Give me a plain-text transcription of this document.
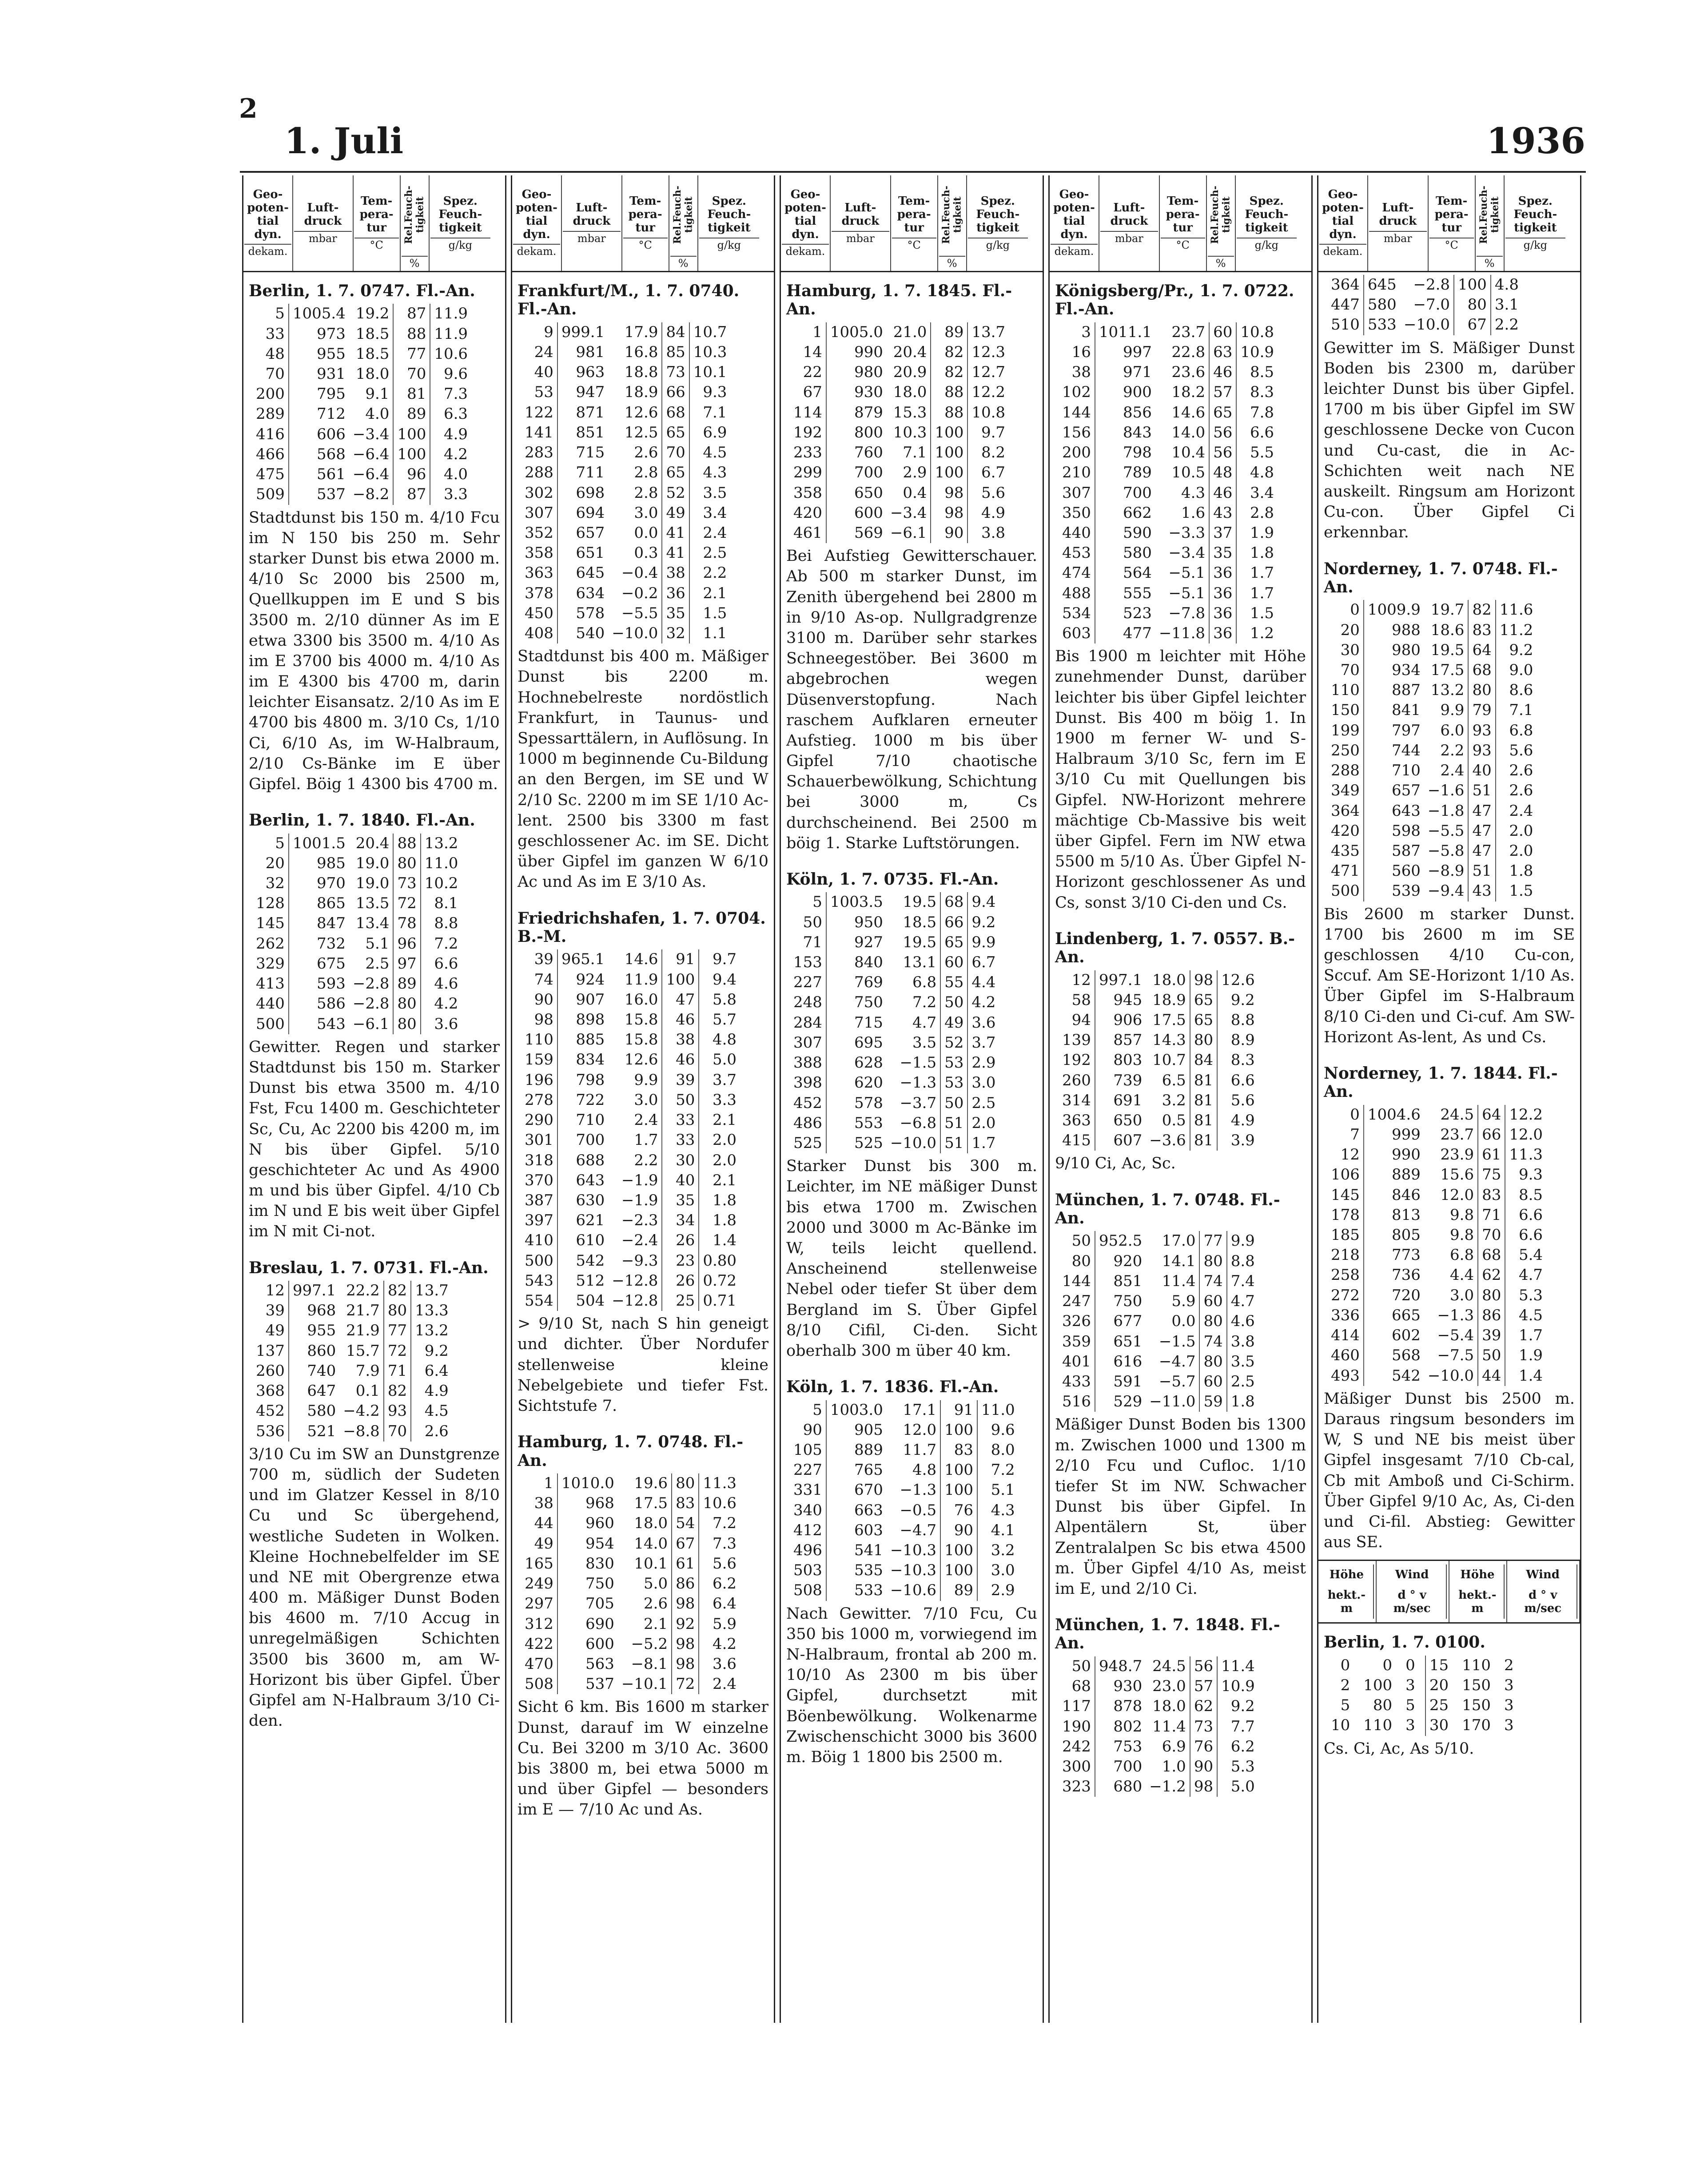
2
1. Juli	1936
Geo-poten-tial dyn.
dekam.
Luft-druck
mbar
Tem-pera-tur
°C
Rel.Feuch-tigkeit
%
Spez. Feuch-tigkeit
g/kg
Berlin, 1. 7. 0747. Fl.-An.
5	1005.4	19.2	87	11.9
33	973	18.5	88	11.9
48	955	18.5	77	10.6
70	931	18.0	70	9.6
200	795	9.1	81	7.3
289	712	4.0	89	6.3
416	606	−3.4	100	4.9
466	568	−6.4	100	4.2
475	561	−6.4	96	4.0
509	537	−8.2	87	3.3
Stadtdunst bis 150 m. 4/10 Fcu im N 150 bis 250 m. Sehr starker Dunst bis etwa 2000 m. 4/10 Sc 2000 bis 2500 m, Quellkuppen im E und S bis 3500 m. 2/10 dünner As im E etwa 3300 bis 3500 m. 4/10 As im E 3700 bis 4000 m. 4/10 As im E 4300 bis 4700 m, darin leichter Eisansatz. 2/10 As im E 4700 bis 4800 m. 3/10 Cs, 1/10 Ci, 6/10 As, im W-Halbraum, 2/10 Cs-Bänke im E über Gipfel. Böig 1 4300 bis 4700 m.
Berlin, 1. 7. 1840. Fl.-An.
5	1001.5	20.4	88	13.2
20	985	19.0	80	11.0
32	970	19.0	73	10.2
128	865	13.5	72	8.1
145	847	13.4	78	8.8
262	732	5.1	96	7.2
329	675	2.5	97	6.6
413	593	−2.8	89	4.6
440	586	−2.8	80	4.2
500	543	−6.1	80	3.6
Gewitter. Regen und starker Stadtdunst bis 150 m. Starker Dunst bis etwa 3500 m. 4/10 Fst, Fcu 1400 m. Geschichteter Sc, Cu, Ac 2200 bis 4200 m, im N bis über Gipfel. 5/10 geschichteter Ac und As 4900 m und bis über Gipfel. 4/10 Cb im N und E bis weit über Gipfel im N mit Ci-not.
Breslau, 1. 7. 0731. Fl.-An.
12	997.1	22.2	82	13.7
39	968	21.7	80	13.3
49	955	21.9	77	13.2
137	860	15.7	72	9.2
260	740	7.9	71	6.4
368	647	0.1	82	4.9
452	580	−4.2	93	4.5
536	521	−8.8	70	2.6
3/10 Cu im SW an Dunstgrenze 700 m, südlich der Sudeten und im Glatzer Kessel in 8/10 Cu und Sc übergehend, westliche Sudeten in Wolken. Kleine Hochnebelfelder im SE und NE mit Obergrenze etwa 400 m. Mäßiger Dunst Boden bis 4600 m. 7/10 Accug in unregelmäßigen Schichten 3500 bis 3600 m, am W-Horizont bis über Gipfel. Über Gipfel am N-Halbraum 3/10 Ci-den.
Geo-poten-tial dyn.
dekam.
Luft-druck
mbar
Tem-pera-tur
°C
Rel.Feuch-tigkeit
%
Spez. Feuch-tigkeit
g/kg
Frankfurt/M., 1. 7. 0740. Fl.-An.
9	999.1	17.9	84	10.7
24	981	16.8	85	10.3
40	963	18.8	73	10.1
53	947	18.9	66	9.3
122	871	12.6	68	7.1
141	851	12.5	65	6.9
283	715	2.6	70	4.5
288	711	2.8	65	4.3
302	698	2.8	52	3.5
307	694	3.0	49	3.4
352	657	0.0	41	2.4
358	651	0.3	41	2.5
363	645	−0.4	38	2.2
378	634	−0.2	36	2.1
450	578	−5.5	35	1.5
408	540	−10.0	32	1.1
Stadtdunst bis 400 m. Mäßiger Dunst bis 2200 m. Hochnebelreste nordöstlich Frankfurt, in Taunus- und Spessarttälern, in Auflösung. In 1000 m beginnende Cu-Bildung an den Bergen, im SE und W 2/10 Sc. 2200 m im SE 1/10 Ac-lent. 2500 bis 3300 m fast geschlossener Ac. im SE. Dicht über Gipfel im ganzen W 6/10 Ac und As im E 3/10 As.
Friedrichshafen, 1. 7. 0704. B.-M.
39	965.1	14.6	91	9.7
74	924	11.9	100	9.4
90	907	16.0	47	5.8
98	898	15.8	46	5.7
110	885	15.8	38	4.8
159	834	12.6	46	5.0
196	798	9.9	39	3.7
278	722	3.0	50	3.3
290	710	2.4	33	2.1
301	700	1.7	33	2.0
318	688	2.2	30	2.0
370	643	−1.9	40	2.1
387	630	−1.9	35	1.8
397	621	−2.3	34	1.8
410	610	−2.4	26	1.4
500	542	−9.3	23	0.80
543	512	−12.8	26	0.72
554	504	−12.8	25	0.71
> 9/10 St, nach S hin geneigt und dichter. Über Nordufer stellenweise kleine Nebelgebiete und tiefer Fst. Sichtstufe 7.
Hamburg, 1. 7. 0748. Fl.-An.
1	1010.0	19.6	80	11.3
38	968	17.5	83	10.6
44	960	18.0	54	7.2
49	954	14.0	67	7.3
165	830	10.1	61	5.6
249	750	5.0	86	6.2
297	705	2.6	98	6.4
312	690	2.1	92	5.9
422	600	−5.2	98	4.2
470	563	−8.1	98	3.6
508	537	−10.1	72	2.4
Sicht 6 km. Bis 1600 m starker Dunst, darauf im W einzelne Cu. Bei 3200 m 3/10 Ac. 3600 bis 3800 m, bei etwa 5000 m und über Gipfel — besonders im E — 7/10 Ac und As.
Geo-poten-tial dyn.
dekam.
Luft-druck
mbar
Tem-pera-tur
°C
Rel.Feuch-tigkeit
%
Spez. Feuch-tigkeit
g/kg
Hamburg, 1. 7. 1845. Fl.-An.
1	1005.0	21.0	89	13.7
14	990	20.4	82	12.3
22	980	20.9	82	12.7
67	930	18.0	88	12.2
114	879	15.3	88	10.8
192	800	10.3	100	9.7
233	760	7.1	100	8.2
299	700	2.9	100	6.7
358	650	0.4	98	5.6
420	600	−3.4	98	4.9
461	569	−6.1	90	3.8
Bei Aufstieg Gewitterschauer. Ab 500 m starker Dunst, im Zenith übergehend bei 2800 m in 9/10 As-op. Nullgradgrenze 3100 m. Darüber sehr starkes Schneegestöber. Bei 3600 m abgebrochen wegen Düsenverstopfung. Nach raschem Aufklaren erneuter Aufstieg. 1000 m bis über Gipfel 7/10 chaotische Schauerbewölkung, Schichtung bei 3000 m, Cs durchscheinend. Bei 2500 m böig 1. Starke Luftstörungen.
Köln, 1. 7. 0735. Fl.-An.
5	1003.5	19.5	68	9.4
50	950	18.5	66	9.2
71	927	19.5	65	9.9
153	840	13.1	60	6.7
227	769	6.8	55	4.4
248	750	7.2	50	4.2
284	715	4.7	49	3.6
307	695	3.5	52	3.7
388	628	−1.5	53	2.9
398	620	−1.3	53	3.0
452	578	−3.7	50	2.5
486	553	−6.8	51	2.0
525	525	−10.0	51	1.7
Starker Dunst bis 300 m. Leichter, im NE mäßiger Dunst bis etwa 1700 m. Zwischen 2000 und 3000 m Ac-Bänke im W, teils leicht quellend. Anscheinend stellenweise Nebel oder tiefer St über dem Bergland im S. Über Gipfel 8/10 Cifil, Ci-den. Sicht oberhalb 300 m über 40 km.
Köln, 1. 7. 1836. Fl.-An.
5	1003.0	17.1	91	11.0
90	905	12.0	100	9.6
105	889	11.7	83	8.0
227	765	4.8	100	7.2
331	670	−1.3	100	5.1
340	663	−0.5	76	4.3
412	603	−4.7	90	4.1
496	541	−10.3	100	3.2
503	535	−10.3	100	3.0
508	533	−10.6	89	2.9
Nach Gewitter. 7/10 Fcu, Cu 350 bis 1000 m, vorwiegend im N-Halbraum, frontal ab 200 m. 10/10 As 2300 m bis über Gipfel, durchsetzt mit Böenbewölkung. Wolkenarme Zwischenschicht 3000 bis 3600 m. Böig 1 1800 bis 2500 m.
Geo-poten-tial dyn.
dekam.
Luft-druck
mbar
Tem-pera-tur
°C
Rel.Feuch-tigkeit
%
Spez. Feuch-tigkeit
g/kg
Königsberg/Pr., 1. 7. 0722. Fl.-An.
3	1011.1	23.7	60	10.8
16	997	22.8	63	10.9
38	971	23.6	46	8.5
102	900	18.2	57	8.3
144	856	14.6	65	7.8
156	843	14.0	56	6.6
200	798	10.4	56	5.5
210	789	10.5	48	4.8
307	700	4.3	46	3.4
350	662	1.6	43	2.8
440	590	−3.3	37	1.9
453	580	−3.4	35	1.8
474	564	−5.1	36	1.7
488	555	−5.1	36	1.7
534	523	−7.8	36	1.5
603	477	−11.8	36	1.2
Bis 1900 m leichter mit Höhe zunehmender Dunst, darüber leichter bis über Gipfel leichter Dunst. Bis 400 m böig 1. In 1900 m ferner W- und S-Halbraum 3/10 Sc, fern im E 3/10 Cu mit Quellungen bis Gipfel. NW-Horizont mehrere mächtige Cb-Massive bis weit über Gipfel. Fern im NW etwa 5500 m 5/10 As. Über Gipfel N-Horizont geschlossener As und Cs, sonst 3/10 Ci-den und Cs.
Lindenberg, 1. 7. 0557. B.-An.
12	997.1	18.0	98	12.6
58	945	18.9	65	9.2
94	906	17.5	65	8.8
139	857	14.3	80	8.9
192	803	10.7	84	8.3
260	739	6.5	81	6.6
314	691	3.2	81	5.6
363	650	0.5	81	4.9
415	607	−3.6	81	3.9
9/10 Ci, Ac, Sc.
München, 1. 7. 0748. Fl.-An.
50	952.5	17.0	77	9.9
80	920	14.1	80	8.8
144	851	11.4	74	7.4
247	750	5.9	60	4.7
326	677	0.0	80	4.6
359	651	−1.5	74	3.8
401	616	−4.7	80	3.5
433	591	−5.7	60	2.5
516	529	−11.0	59	1.8
Mäßiger Dunst Boden bis 1300 m. Zwischen 1000 und 1300 m 2/10 Fcu und Cufloc. 1/10 tiefer St im NW. Schwacher Dunst bis über Gipfel. In Alpentälern St, über Zentralalpen Sc bis etwa 4500 m. Über Gipfel 4/10 As, meist im E, und 2/10 Ci.
München, 1. 7. 1848. Fl.-An.
50	948.7	24.5	56	11.4
68	930	23.0	57	10.9
117	878	18.0	62	9.2
190	802	11.4	73	7.7
242	753	6.9	76	6.2
300	700	1.0	90	5.3
323	680	−1.2	98	5.0
Geo-poten-tial dyn.
dekam.
Luft-druck
mbar
Tem-pera-tur
°C
Rel.Feuch-tigkeit
%
Spez. Feuch-tigkeit
g/kg
364	645	−2.8	100	4.8
447	580	−7.0	80	3.1
510	533	−10.0	67	2.2
Gewitter im S. Mäßiger Dunst Boden bis 2300 m, darüber leichter Dunst bis über Gipfel. 1700 m bis über Gipfel im SW geschlossene Decke von Cucon und Cu-cast, die in Ac-Schichten weit nach NE auskeilt. Ringsum am Horizont Cu-con. Über Gipfel Ci erkennbar.
Norderney, 1. 7. 0748. Fl.-An.
0	1009.9	19.7	82	11.6
20	988	18.6	83	11.2
30	980	19.5	64	9.2
70	934	17.5	68	9.0
110	887	13.2	80	8.6
150	841	9.9	79	7.1
199	797	6.0	93	6.8
250	744	2.2	93	5.6
288	710	2.4	40	2.6
349	657	−1.6	51	2.6
364	643	−1.8	47	2.4
420	598	−5.5	47	2.0
435	587	−5.8	47	2.0
471	560	−8.9	51	1.8
500	539	−9.4	43	1.5
Bis 2600 m starker Dunst. 1700 bis 2600 m im SE geschlossen 4/10 Cu-con, Sccuf. Am SE-Horizont 1/10 As. Über Gipfel im S-Halbraum 8/10 Ci-den und Ci-cuf. Am SW-Horizont As-lent, As und Cs.
Norderney, 1. 7. 1844. Fl.-An.
0	1004.6	24.5	64	12.2
7	999	23.7	66	12.0
12	990	23.9	61	11.3
106	889	15.6	75	9.3
145	846	12.0	83	8.5
178	813	9.8	71	6.6
185	805	9.8	70	6.6
218	773	6.8	68	5.4
258	736	4.4	62	4.7
272	720	3.0	80	5.3
336	665	−1.3	86	4.5
414	602	−5.4	39	1.7
460	568	−7.5	50	1.9
493	542	−10.0	44	1.4
Mäßiger Dunst bis 2500 m. Daraus ringsum besonders im W, S und NE bis meist über Gipfel insgesamt 7/10 Cb-cal, Cb mit Amboß und Ci-Schirm. Über Gipfel 9/10 Ac, As, Ci-den und Ci-fil. Abstieg: Gewitter aus SE.
Höhe
hekt.-m
Wind
d ° v m/sec
Höhe
hekt.-m
Wind
d ° v m/sec
Berlin, 1. 7. 0100.
0	0	0	15	110	2
2	100	3	20	150	3
5	80	5	25	150	3
10	110	3	30	170	3
Cs. Ci, Ac, As 5/10.
